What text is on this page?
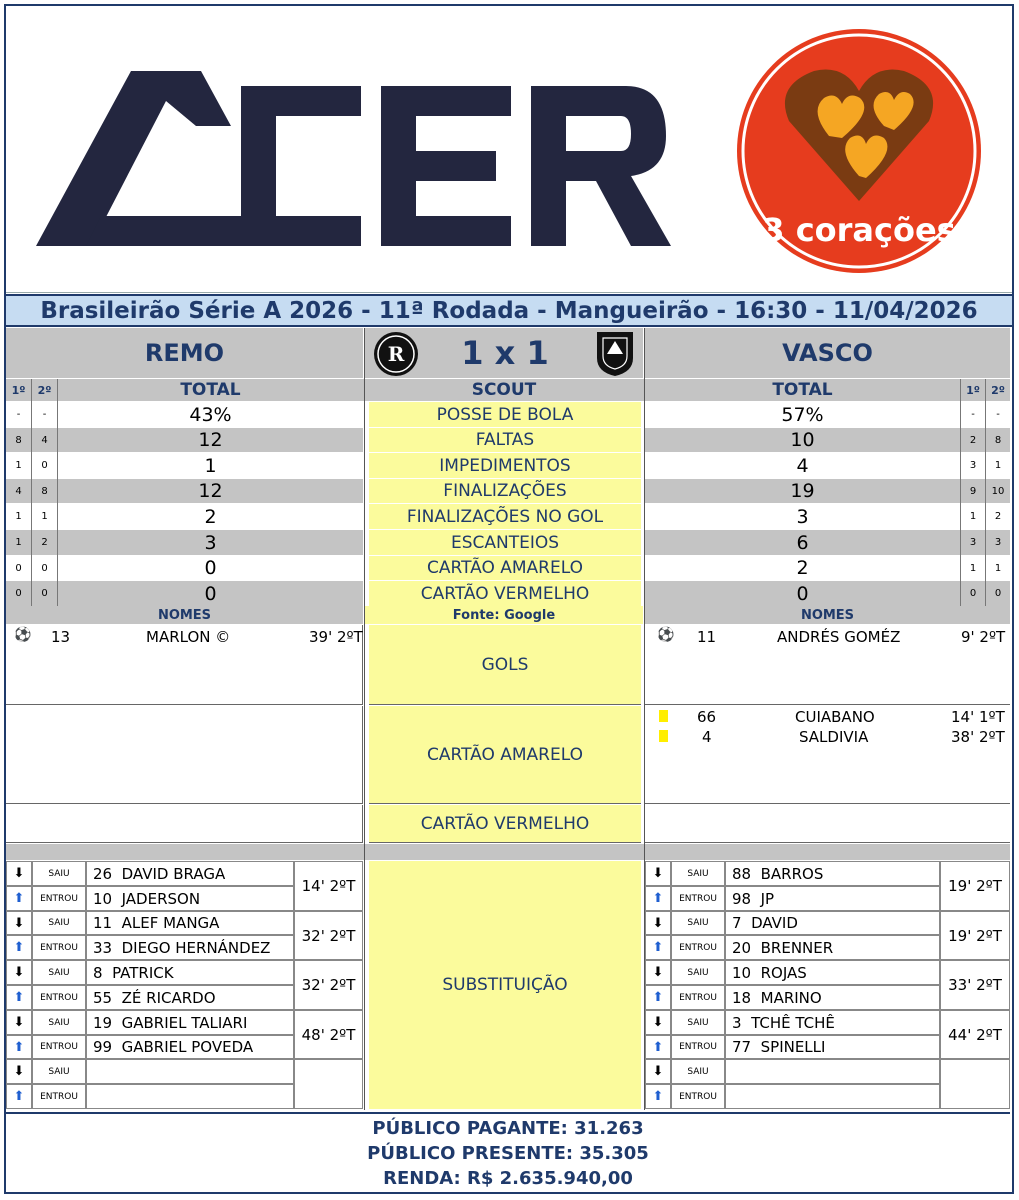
3 corações
Brasileirão Série A 2026 - 11ª Rodada - Mangueirão - 16:30 - 11/04/2026
REMO	R	1 x 1	VASCO
1º	2º	TOTAL	SCOUT	TOTAL	1º	2º
-	-	43%	POSSE DE BOLA	57%	-	-
8	4	12	FALTAS	10	2	8
1	0	1	IMPEDIMENTOS	4	3	1
4	8	12	FINALIZAÇÕES	19	9	10
1	1	2	FINALIZAÇÕES NO GOL	3	1	2
1	2	3	ESCANTEIOS	6	3	3
0	0	0	CARTÃO AMARELO	2	1	1
0	0	0	CARTÃO VERMELHO	0	0	0
NOMES	Fonte: Google	NOMES
⚽ 13	MARLON ©	39' 2ºT
GOLS
⚽ 11	ANDRÉS GOMÉZ	9' 2ºT
CARTÃO AMARELO
66	CUIABANO	14' 1ºT
4	SALDIVIA	38' 2ºT
CARTÃO VERMELHO
SUBSTITUIÇÃO
⬇	SAIU	26  DAVID BRAGA
⬆	ENTROU	10  JADERSON
14' 2ºT
⬇	SAIU	11  ALEF MANGA
⬆	ENTROU	33  DIEGO HERNÁNDEZ
32' 2ºT
⬇	SAIU	8  PATRICK
⬆	ENTROU	55  ZÉ RICARDO
32' 2ºT
⬇	SAIU	19  GABRIEL TALIARI
⬆	ENTROU	99  GABRIEL POVEDA
48' 2ºT
⬇	SAIU
⬆	ENTROU
⬇	SAIU	88  BARROS
⬆	ENTROU	98  JP
19' 2ºT
⬇	SAIU	7  DAVID
⬆	ENTROU	20  BRENNER
19' 2ºT
⬇	SAIU	10  ROJAS
⬆	ENTROU	18  MARINO
33' 2ºT
⬇	SAIU	3  TCHÊ TCHÊ
⬆	ENTROU	77  SPINELLI
44' 2ºT
⬇	SAIU
⬆	ENTROU
PÚBLICO PAGANTE: 31.263
PÚBLICO PRESENTE: 35.305
RENDA: R$ 2.635.940,00
